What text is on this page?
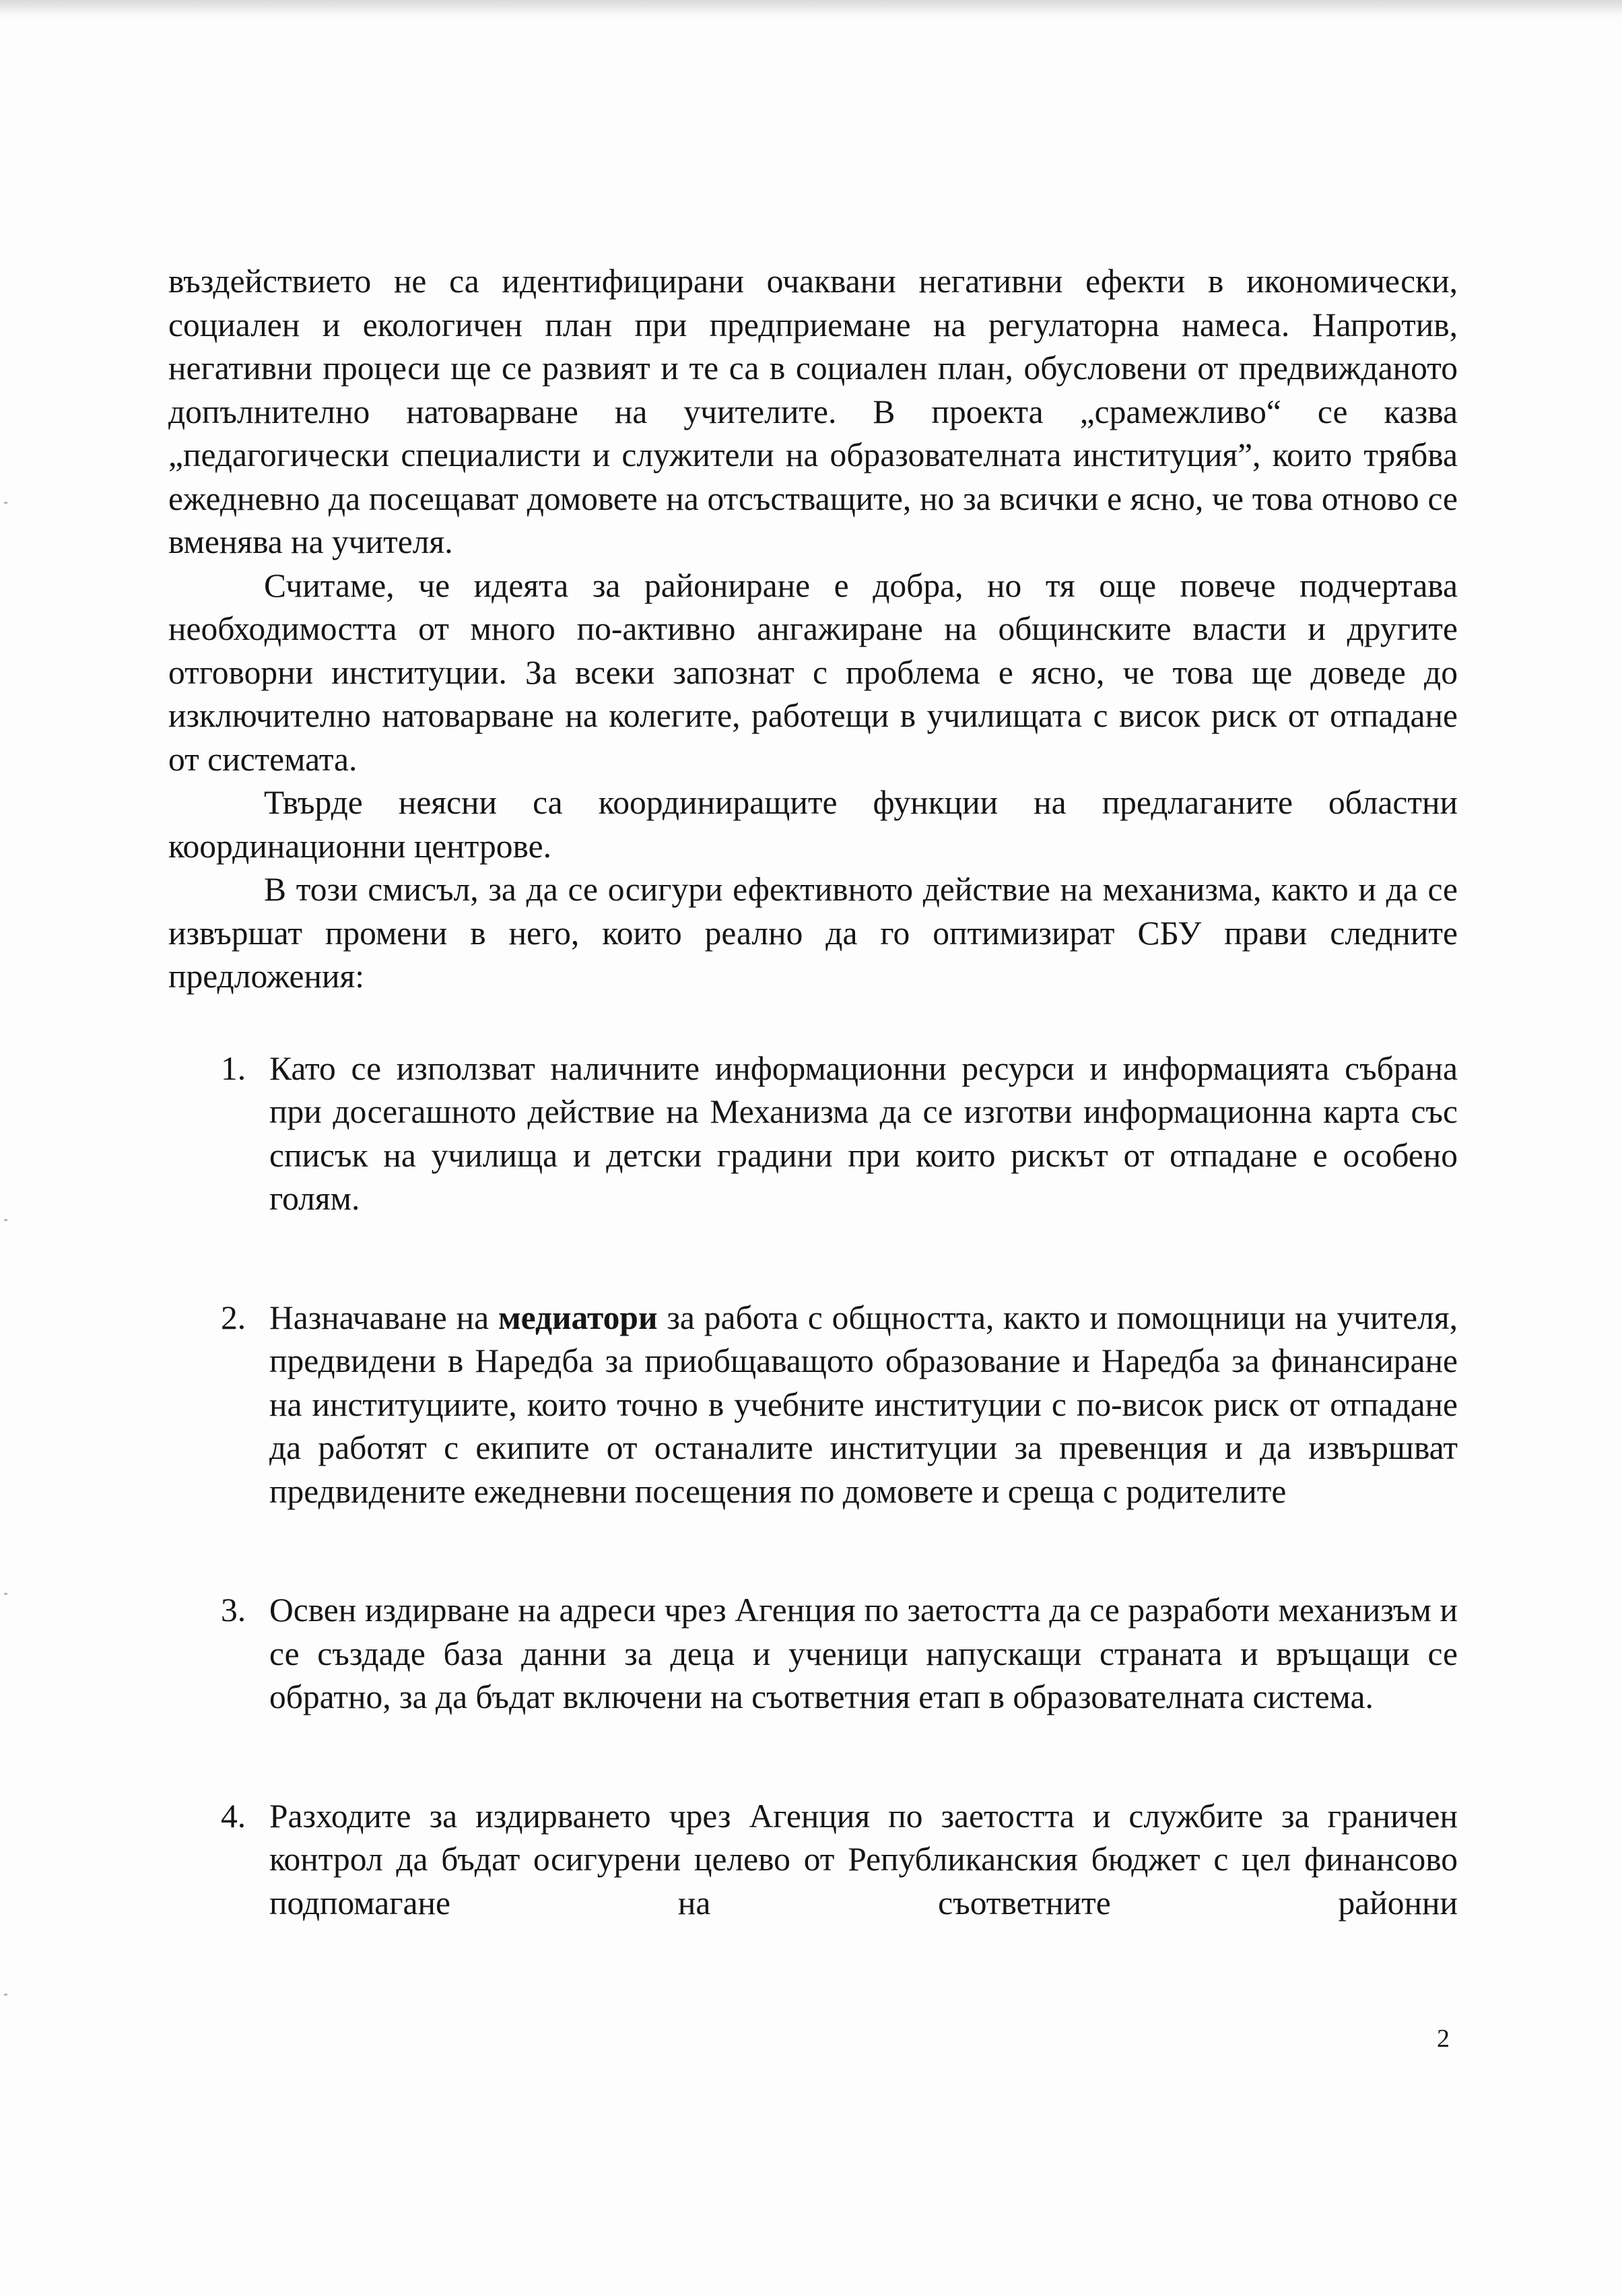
въздействието не са идентифицирани очаквани негативни ефекти в икономически, социален и екологичен план при предприемане на регулаторна намеса. Напротив, негативни процеси ще се развият и те са в социален план, обусловени от предвижданото допълнително натоварване на учителите. В проекта „срамежливо“ се казва „педагогически специалисти и служители на образователната институция”, които трябва ежедневно да посещават домовете на отсъстващите, но за всички е ясно, че това отново се вменява на учителя.

Считаме, че идеята за райониране е добра, но тя още повече подчертава необходимостта от много по-активно ангажиране на общинските власти и другите отговорни институции. За всеки запознат с проблема е ясно, че това ще доведе до изключително натоварване на колегите, работещи в училищата с висок риск от отпадане от системата.

Твърде неясни са координиращите функции на предлаганите областни координационни центрове.

В този смисъл, за да се осигури ефективното действие на механизма, както и да се извършат промени в него, които реално да го оптимизират СБУ прави следните предложения:

1. Като се използват наличните информационни ресурси и информацията събрана при досегашното действие на Механизма да се изготви информационна карта със списък на училища и детски градини при които рискът от отпадане е особено голям.

2. Назначаване на медиатори за работа с общността, както и помощници на учителя, предвидени в Наредба за приобщаващото образование и Наредба за финансиране на институциите, които точно в учебните институции с по-висок риск от отпадане да работят с екипите от останалите институции за превенция и да извършват предвидените ежедневни посещения по домовете и среща с родителите

3. Освен издирване на адреси чрез Агенция по заетостта да се разработи механизъм и се създаде база данни за деца и ученици напускащи страната и връщащи се обратно, за да бъдат включени на съответния етап в образователната система.

4. Разходите за издирването чрез Агенция по заетостта и службите за граничен контрол да бъдат осигурени целево от Републиканския бюджет с цел финансово подпомагане на съответните районни

2
